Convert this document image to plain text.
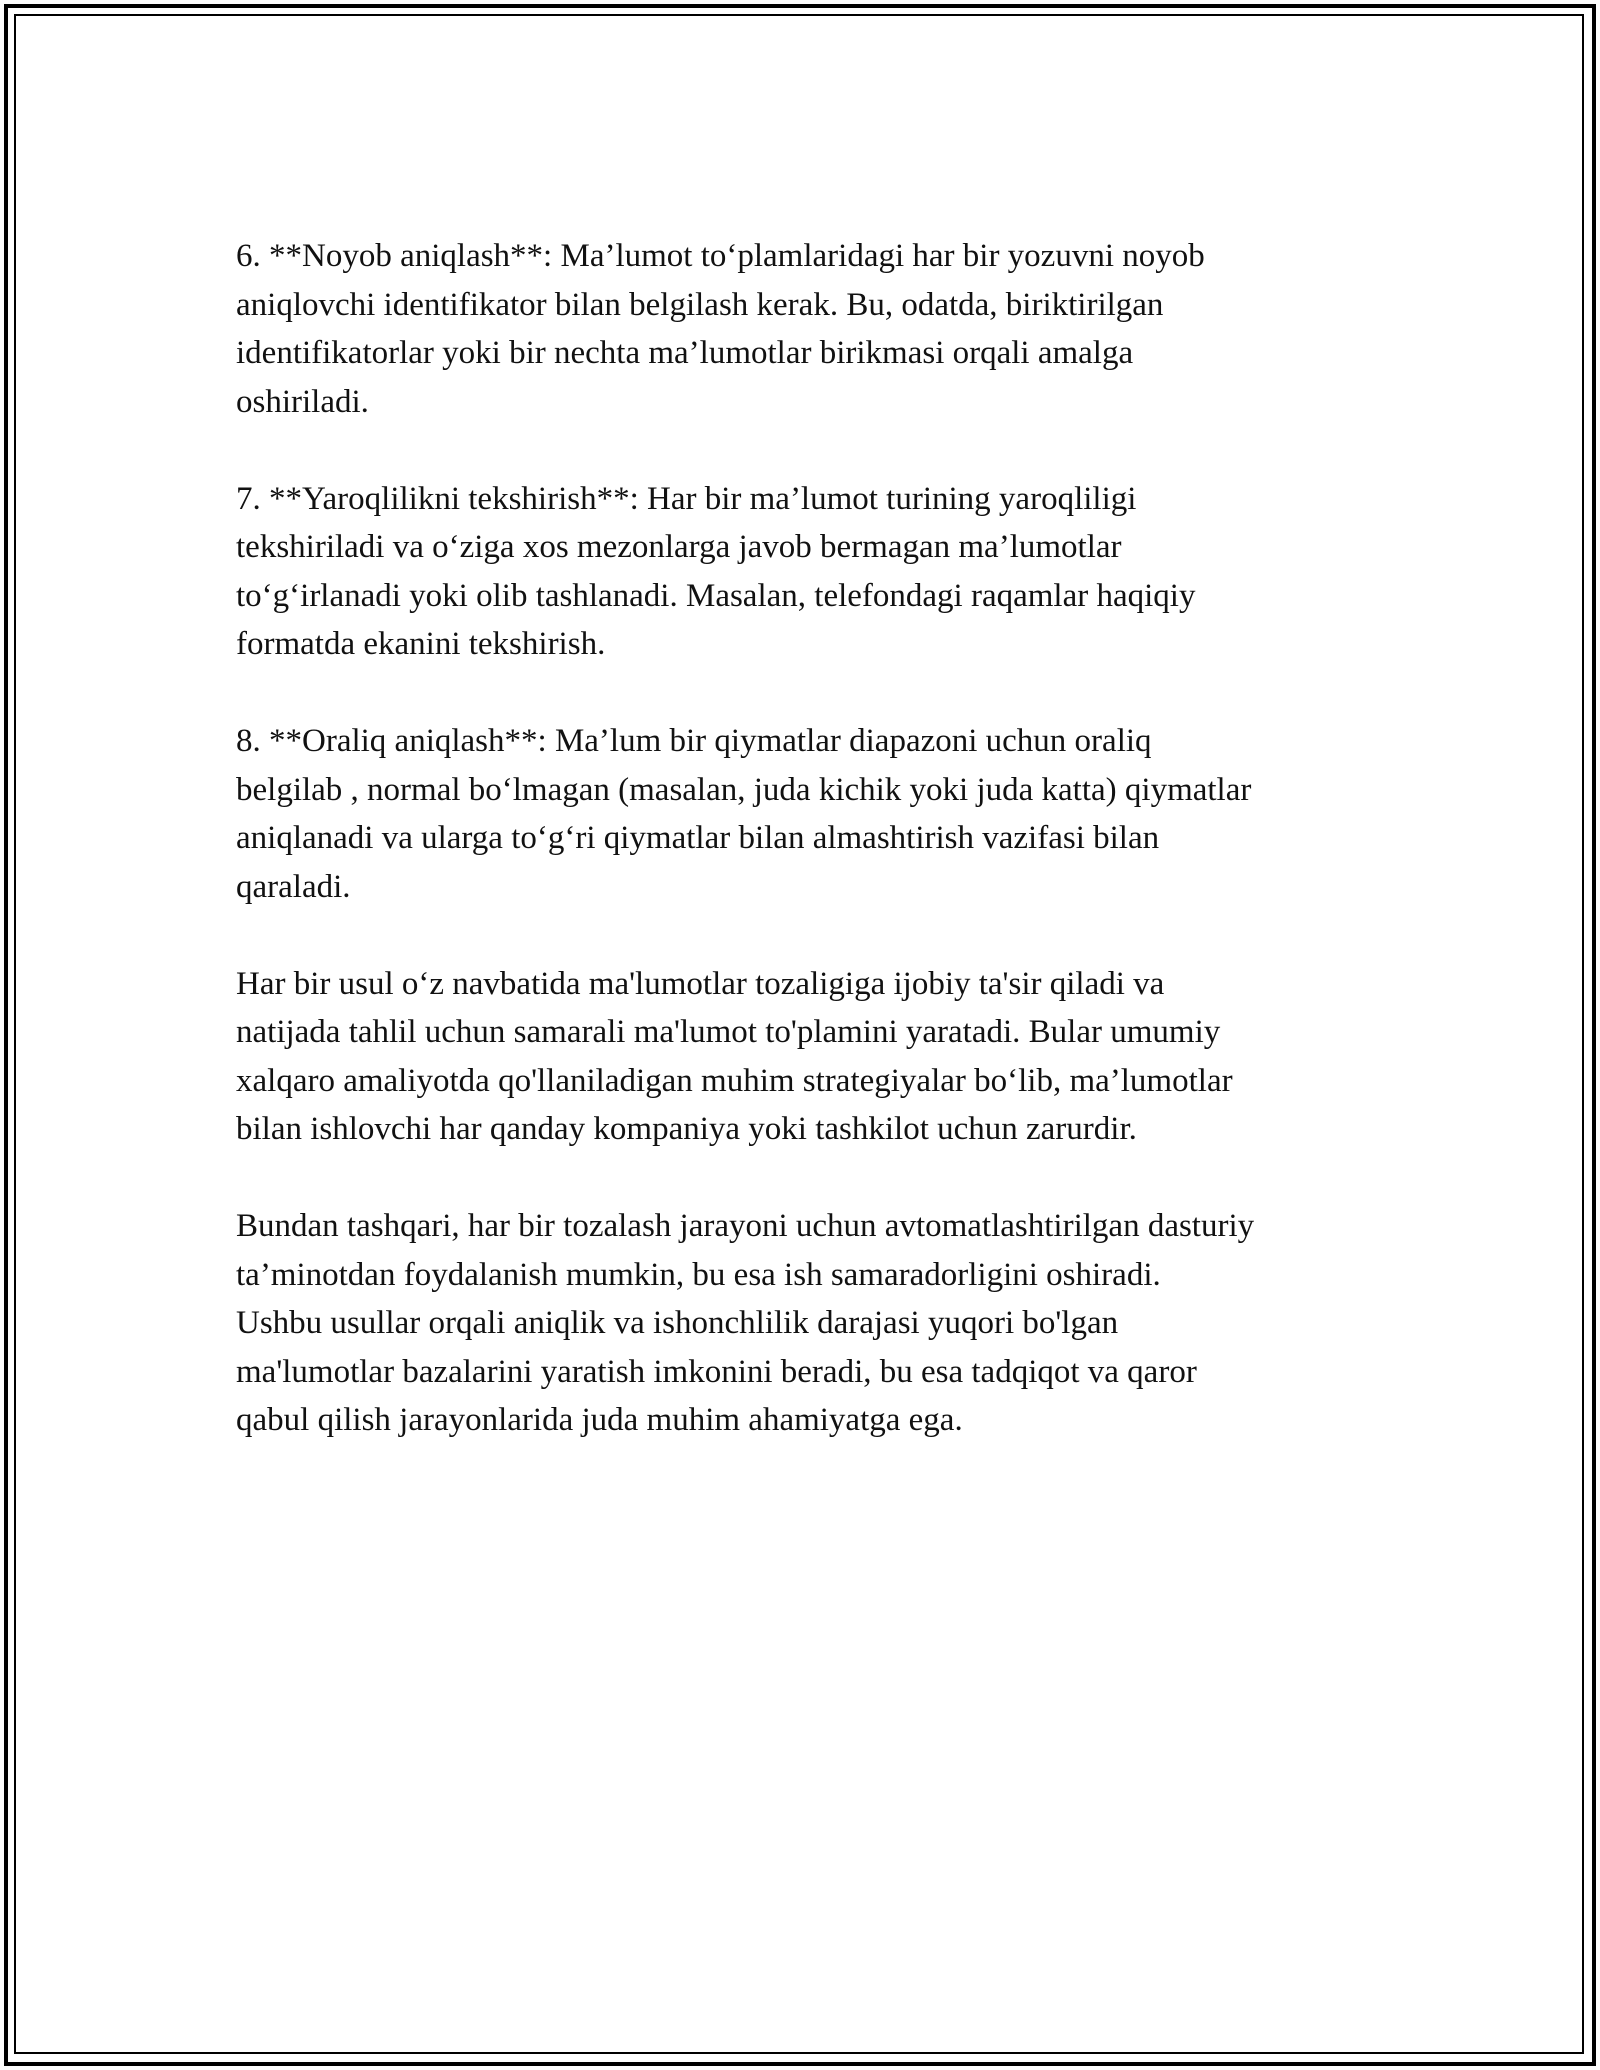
6. **Noyob aniqlash**: Ma’lumot to‘plamlaridagi har bir yozuvni noyob
aniqlovchi identifikator bilan belgilash kerak. Bu, odatda, biriktirilgan
identifikatorlar yoki bir nechta ma’lumotlar birikmasi orqali amalga
oshiriladi.

7. **Yaroqlilikni tekshirish**: Har bir ma’lumot turining yaroqliligi
tekshiriladi va o‘ziga xos mezonlarga javob bermagan ma’lumotlar
to‘g‘irlanadi yoki olib tashlanadi. Masalan, telefondagi raqamlar haqiqiy
formatda ekanini tekshirish.

8. **Oraliq aniqlash**: Ma’lum bir qiymatlar diapazoni uchun oraliq
belgilab , normal bo‘lmagan (masalan, juda kichik yoki juda katta) qiymatlar
aniqlanadi va ularga to‘g‘ri qiymatlar bilan almashtirish vazifasi bilan
qaraladi.

Har bir usul o‘z navbatida ma'lumotlar tozaligiga ijobiy ta'sir qiladi va
natijada tahlil uchun samarali ma'lumot to'plamini yaratadi. Bular umumiy
xalqaro amaliyotda qo'llaniladigan muhim strategiyalar bo‘lib, ma’lumotlar
bilan ishlovchi har qanday kompaniya yoki tashkilot uchun zarurdir.

Bundan tashqari, har bir tozalash jarayoni uchun avtomatlashtirilgan dasturiy
ta’minotdan foydalanish mumkin, bu esa ish samaradorligini oshiradi.
Ushbu usullar orqali aniqlik va ishonchlilik darajasi yuqori bo'lgan
ma'lumotlar bazalarini yaratish imkonini beradi, bu esa tadqiqot va qaror
qabul qilish jarayonlarida juda muhim ahamiyatga ega.
